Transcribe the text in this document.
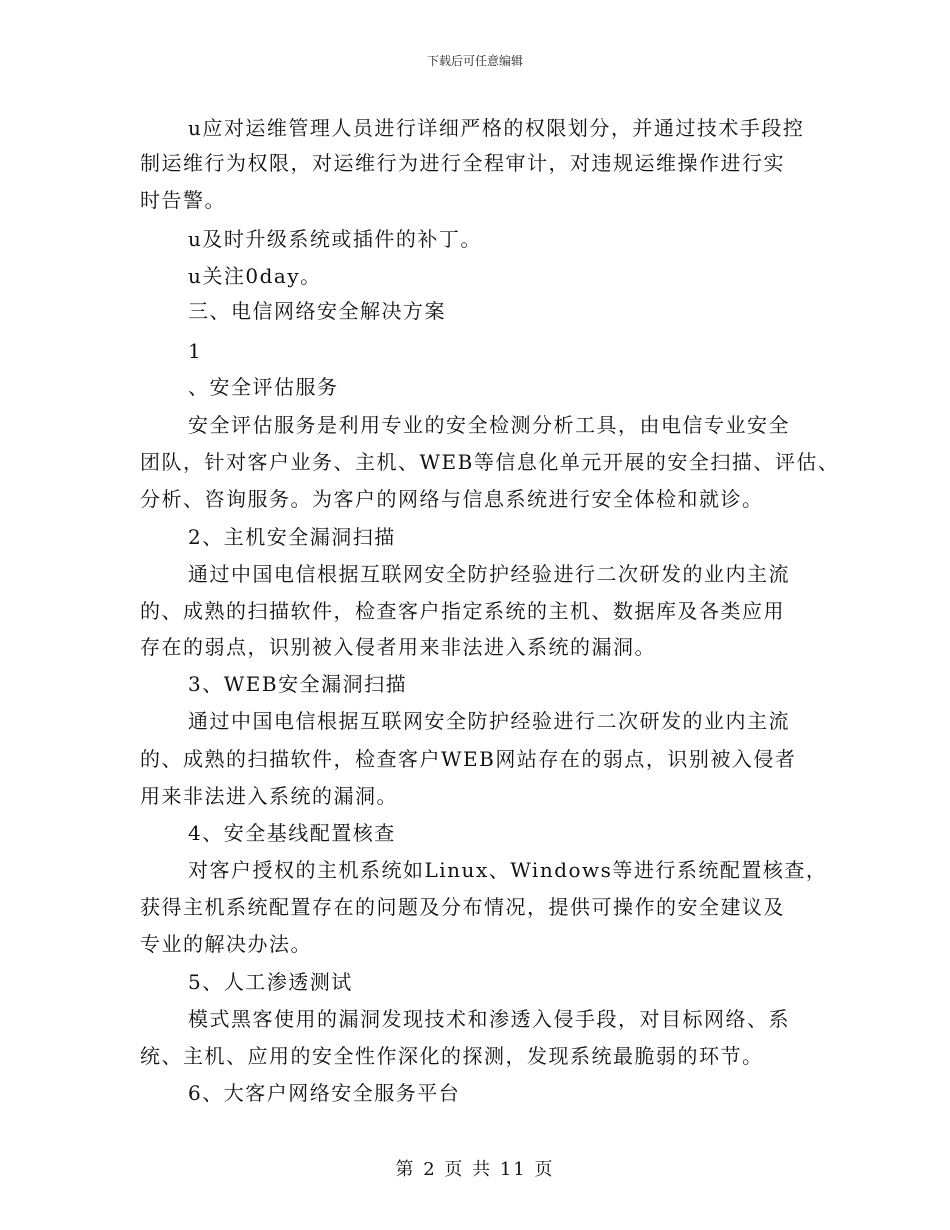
下载后可任意编辑
u应对运维管理人员进行详细严格的权限划分，并通过技术手段控
制运维行为权限，对运维行为进行全程审计，对违规运维操作进行实
时告警。
u及时升级系统或插件的补丁。
u关注0day。
三、电信网络安全解决方案
1
、安全评估服务
安全评估服务是利用专业的安全检测分析工具，由电信专业安全
团队，针对客户业务、主机、WEB等信息化单元开展的安全扫描、评估、
分析、咨询服务。为客户的网络与信息系统进行安全体检和就诊。
2、主机安全漏洞扫描
通过中国电信根据互联网安全防护经验进行二次研发的业内主流
的、成熟的扫描软件，检查客户指定系统的主机、数据库及各类应用
存在的弱点，识别被入侵者用来非法进入系统的漏洞。
3、WEB安全漏洞扫描
通过中国电信根据互联网安全防护经验进行二次研发的业内主流
的、成熟的扫描软件，检查客户WEB网站存在的弱点，识别被入侵者
用来非法进入系统的漏洞。
4、安全基线配置核查
对客户授权的主机系统如Linux、Windows等进行系统配置核查，
获得主机系统配置存在的问题及分布情况，提供可操作的安全建议及
专业的解决办法。
5、人工渗透测试
模式黑客使用的漏洞发现技术和渗透入侵手段，对目标网络、系
统、主机、应用的安全性作深化的探测，发现系统最脆弱的环节。
6、大客户网络安全服务平台
第 2 页 共 11 页
